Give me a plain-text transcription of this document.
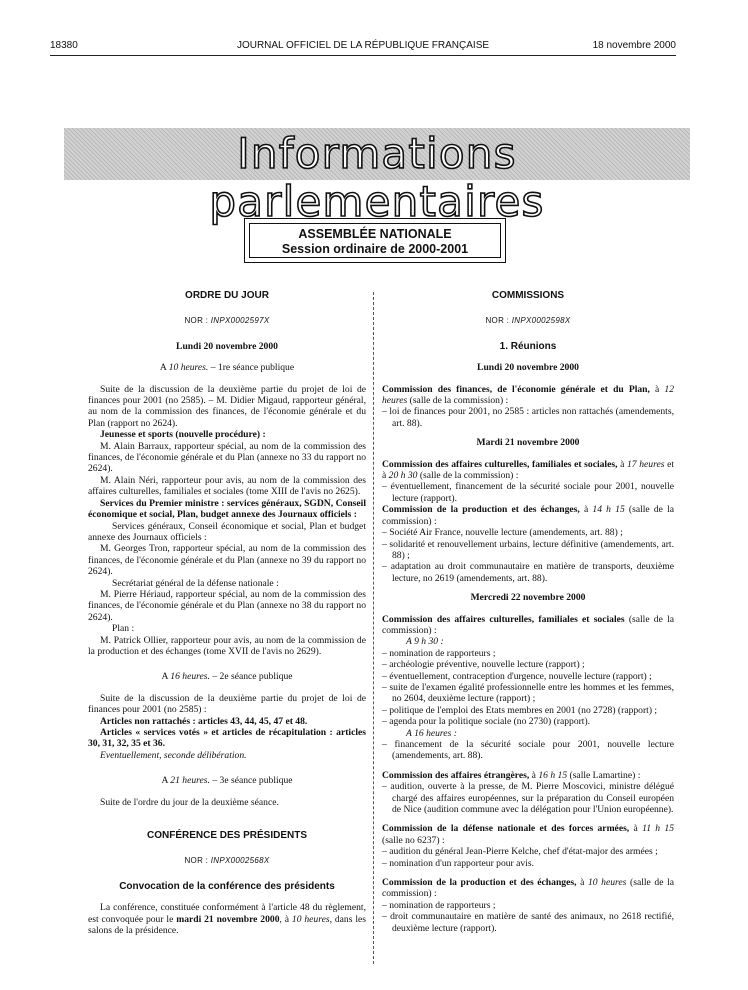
18380	JOURNAL OFFICIEL DE LA RÉPUBLIQUE FRANÇAISE	18 novembre 2000
Informations parlementaires
ASSEMBLÉE NATIONALE
Session ordinaire de 2000-2001
ORDRE DU JOUR
NOR : INPX0002597X
Lundi 20 novembre 2000
A 10 heures. – 1re séance publique

Suite de la discussion de la deuxième partie du projet de loi de finances pour 2001 (no 2585). – M. Didier Migaud, rapporteur général, au nom de la commission des finances, de l'économie générale et du Plan (rapport no 2624).

Jeunesse et sports (nouvelle procédure) :

M. Alain Barraux, rapporteur spécial, au nom de la commission des finances, de l'économie générale et du Plan (annexe no 33 du rapport no 2624).

M. Alain Néri, rapporteur pour avis, au nom de la commission des affaires culturelles, familiales et sociales (tome XIII de l'avis no 2625).

Services du Premier ministre : services généraux, SGDN, Conseil économique et social, Plan, budget annexe des Journaux officiels :

Services généraux, Conseil économique et social, Plan et budget annexe des Journaux officiels :

M. Georges Tron, rapporteur spécial, au nom de la commission des finances, de l'économie générale et du Plan (annexe no 39 du rapport no 2624).

Secrétariat général de la défense nationale :

M. Pierre Hériaud, rapporteur spécial, au nom de la commission des finances, de l'économie générale et du Plan (annexe no 38 du rapport no 2624).

Plan :

M. Patrick Ollier, rapporteur pour avis, au nom de la commission de la production et des échanges (tome XVII de l'avis no 2629).

A 16 heures. – 2e séance publique

Suite de la discussion de la deuxième partie du projet de loi de finances pour 2001 (no 2585) :

Articles non rattachés : articles 43, 44, 45, 47 et 48.

Articles « services votés » et articles de récapitulation : articles 30, 31, 32, 35 et 36.

Eventuellement, seconde délibération.

A 21 heures. – 3e séance publique

Suite de l'ordre du jour de la deuxième séance.

CONFÉRENCE DES PRÉSIDENTS
NOR : INPX0002568X
Convocation de la conférence des présidents

La conférence, constituée conformément à l'article 48 du règlement, est convoquée pour le mardi 21 novembre 2000, à 10 heures, dans les salons de la présidence.

COMMISSIONS
NOR : INPX0002598X
1. Réunions
Lundi 20 novembre 2000

Commission des finances, de l'économie générale et du Plan, à 12 heures (salle de la commission) :

– loi de finances pour 2001, no 2585 : articles non rattachés (amendements, art. 88).

Mardi 21 novembre 2000

Commission des affaires culturelles, familiales et sociales, à 17 heures et à 20 h 30 (salle de la commission) :

– éventuellement, financement de la sécurité sociale pour 2001, nouvelle lecture (rapport).

Commission de la production et des échanges, à 14 h 15 (salle de la commission) :

– Société Air France, nouvelle lecture (amendements, art. 88) ;

– solidarité et renouvellement urbains, lecture définitive (amendements, art. 88) ;

– adaptation au droit communautaire en matière de transports, deuxième lecture, no 2619 (amendements, art. 88).

Mercredi 22 novembre 2000

Commission des affaires culturelles, familiales et sociales (salle de la commission) :

A 9 h 30 :

– nomination de rapporteurs ;

– archéologie préventive, nouvelle lecture (rapport) ;

– éventuellement, contraception d'urgence, nouvelle lecture (rapport) ;

– suite de l'examen égalité professionnelle entre les hommes et les femmes, no 2604, deuxième lecture (rapport) ;

– politique de l'emploi des Etats membres en 2001 (no 2728) (rapport) ;

– agenda pour la politique sociale (no 2730) (rapport).

A 16 heures :

– financement de la sécurité sociale pour 2001, nouvelle lecture (amendements, art. 88).

Commission des affaires étrangères, à 16 h 15 (salle Lamartine) :

– audition, ouverte à la presse, de M. Pierre Moscovici, ministre délégué chargé des affaires européennes, sur la préparation du Conseil européen de Nice (audition commune avec la délégation pour l'Union européenne).

Commission de la défense nationale et des forces armées, à 11 h 15 (salle no 6237) :

– audition du général Jean-Pierre Kelche, chef d'état-major des armées ;

– nomination d'un rapporteur pour avis.

Commission de la production et des échanges, à 10 heures (salle de la commission) :

– nomination de rapporteurs ;

– droit communautaire en matière de santé des animaux, no 2618 rectifié, deuxième lecture (rapport).
